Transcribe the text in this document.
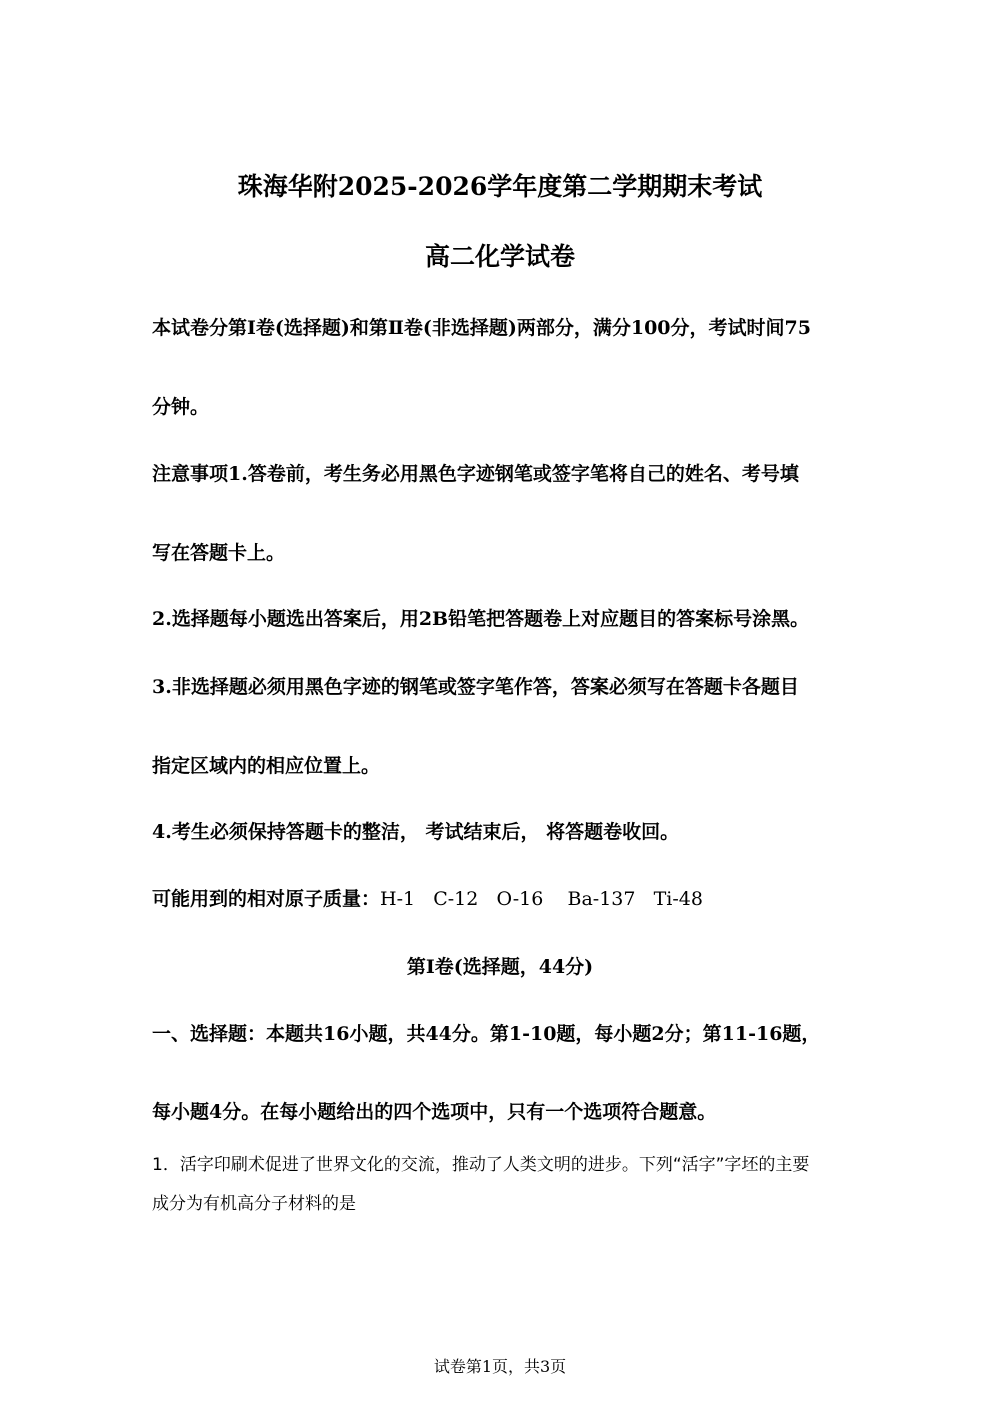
珠海华附2025-2026学年度第二学期期末考试
高二化学试卷
本试卷分第Ⅰ卷(选择题)和第Ⅱ卷(非选择题)两部分，满分100分，考试时间75
分钟。
注意事项1.答卷前，考生务必用黑色字迹钢笔或签字笔将自己的姓名、考号填
写在答题卡上。
2.选择题每小题选出答案后，用2B铅笔把答题卷上对应题目的答案标号涂黑。
3.非选择题必须用黑色字迹的钢笔或签字笔作答，答案必须写在答题卡各题目
指定区域内的相应位置上。
4.考生必须保持答题卡的整洁， 考试结束后， 将答题卷收回。
可能用到的相对原子质量：H-1   C-12   O-16    Ba-137   Ti-48
第Ⅰ卷(选择题，44分)
一、选择题：本题共16小题，共44分。第1-10题，每小题2分；第11-16题，
每小题4分。在每小题给出的四个选项中，只有一个选项符合题意。
1．活字印刷术促进了世界文化的交流，推动了人类文明的进步。下列“活字”字坯的主要
成分为有机高分子材料的是
试卷第1页，共3页
